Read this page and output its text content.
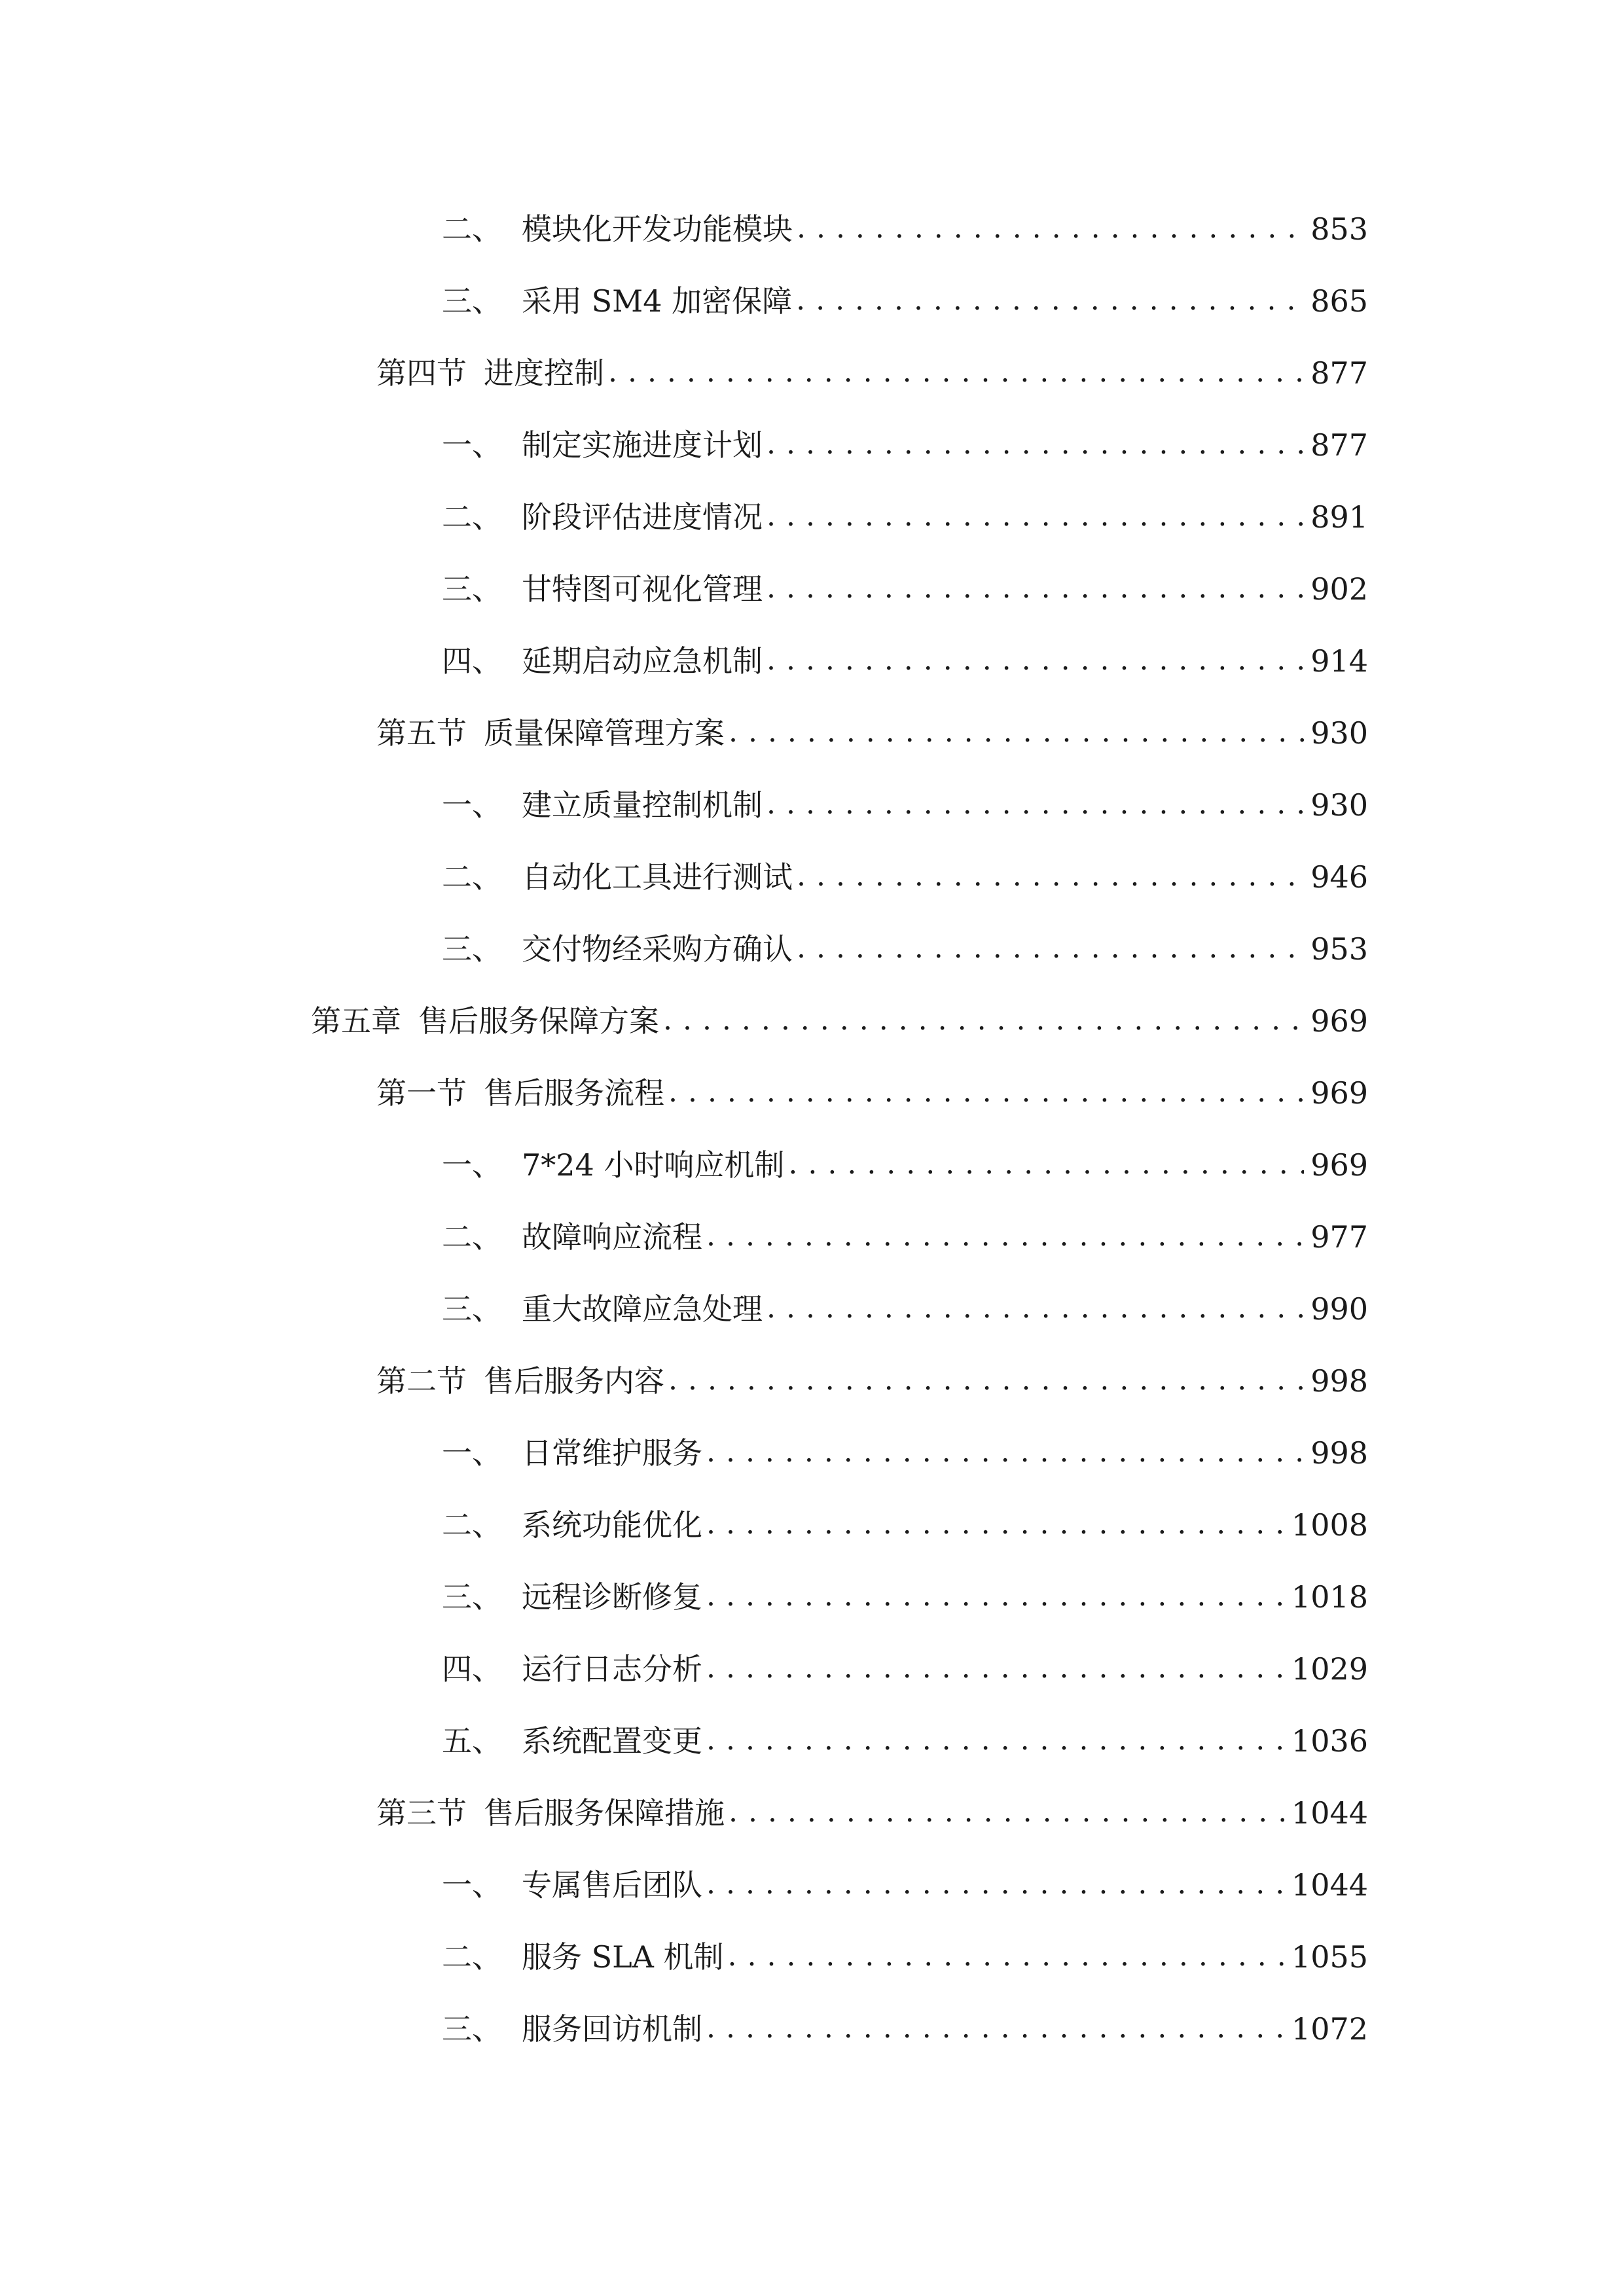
二、 模块化开发功能模块 . . .	853
三、 采用 SM4 加密保障 . . .	865
第四节 进度控制 . . .	877
一、 制定实施进度计划 . . .	877
二、 阶段评估进度情况 . . .	891
三、 甘特图可视化管理 . . .	902
四、 延期启动应急机制 . . .	914
第五节 质量保障管理方案 . . .	930
一、 建立质量控制机制 . . .	930
二、 自动化工具进行测试 . . .	946
三、 交付物经采购方确认 . . .	953
第五章 售后服务保障方案 . . .	969
第一节 售后服务流程 . . .	969
一、 7*24 小时响应机制 . . .	969
二、 故障响应流程 . . .	977
三、 重大故障应急处理 . . .	990
第二节 售后服务内容 . . .	998
一、 日常维护服务 . . .	998
二、 系统功能优化 . . .	1008
三、 远程诊断修复 . . .	1018
四、 运行日志分析 . . .	1029
五、 系统配置变更 . . .	1036
第三节 售后服务保障措施 . . .	1044
一、 专属售后团队 . . .	1044
二、 服务 SLA 机制 . . .	1055
三、 服务回访机制 . . .	1072
